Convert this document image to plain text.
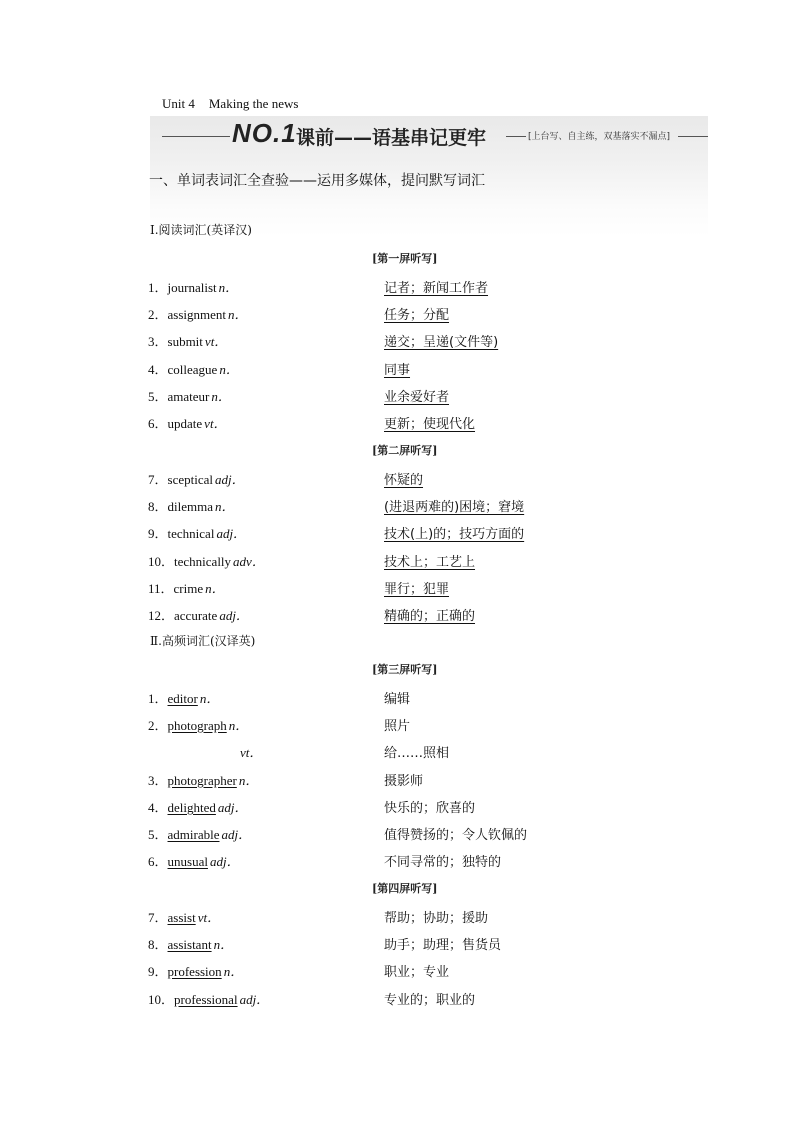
Unit 4 Making the news
NO.1 课前——语基串记更牢	[上台写、自主练，双基落实不漏点]
一、单词表词汇全查验——运用多媒体，提问默写词汇
Ⅰ.阅读词汇(英译汉)
[第一屏听写]
1．journalist n．	记者；新闻工作者
2．assignment n．	任务；分配
3．submit vt．	递交；呈递(文件等)
4．colleague n．	同事
5．amateur n．	业余爱好者
6．update vt．	更新；使现代化
[第二屏听写]
7．sceptical adj．	怀疑的
8．dilemma n．	(进退两难的)困境；窘境
9．technical adj．	技术(上)的；技巧方面的
10．technically adv．	技术上；工艺上
11．crime n．	罪行；犯罪
12．accurate adj．	精确的；正确的
Ⅱ.高频词汇(汉译英)
[第三屏听写]
1．editor n．	编辑
2．photograph n．	照片
vt．	给……照相
3．photographer n．	摄影师
4．delighted adj．	快乐的；欣喜的
5．admirable adj．	值得赞扬的；令人钦佩的
6．unusual adj．	不同寻常的；独特的
[第四屏听写]
7．assist vt．	帮助；协助；援助
8．assistant n．	助手；助理；售货员
9．profession n．	职业；专业
10．professional adj．	专业的；职业的
